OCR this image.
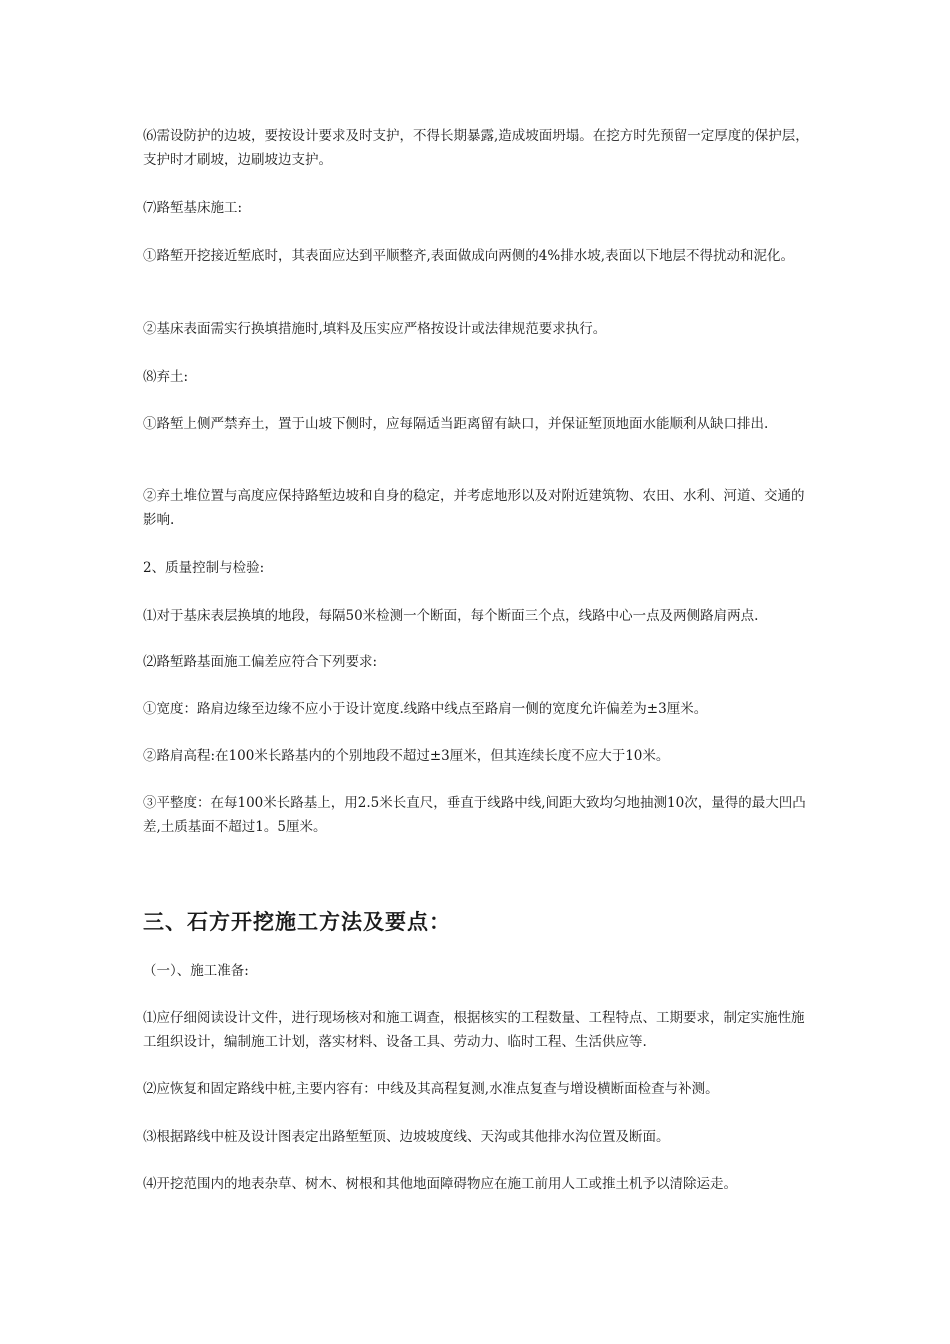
⑹需设防护的边坡，要按设计要求及时支护，不得长期暴露,造成坡面坍塌。在挖方时先预留一定厚度的保护层，支护时才刷坡，边刷坡边支护。

⑺路堑基床施工:

①路堑开挖接近堑底时，其表面应达到平顺整齐,表面做成向两侧的4%排水坡,表面以下地层不得扰动和泥化。

②基床表面需实行换填措施时,填料及压实应严格按设计或法律规范要求执行。

⑻弃土:

①路堑上侧严禁弃土，置于山坡下侧时，应每隔适当距离留有缺口，并保证堑顶地面水能顺利从缺口排出.

②弃土堆位置与高度应保持路堑边坡和自身的稳定，并考虑地形以及对附近建筑物、农田、水利、河道、交通的影响.

2、质量控制与检验:

⑴对于基床表层换填的地段，每隔50米检测一个断面，每个断面三个点，线路中心一点及两侧路肩两点.

⑵路堑路基面施工偏差应符合下列要求:

①宽度：路肩边缘至边缘不应小于设计宽度.线路中线点至路肩一侧的宽度允许偏差为±3厘米。

②路肩高程:在100米长路基内的个别地段不超过±3厘米，但其连续长度不应大于10米。

③平整度：在每100米长路基上，用2.5米长直尺，垂直于线路中线,间距大致均匀地抽测10次，量得的最大凹凸差,土质基面不超过1。5厘米。

三、石方开挖施工方法及要点：

（一）、施工准备:

⑴应仔细阅读设计文件，进行现场核对和施工调查，根据核实的工程数量、工程特点、工期要求，制定实施性施工组织设计，编制施工计划，落实材料、设备工具、劳动力、临时工程、生活供应等.

⑵应恢复和固定路线中桩,主要内容有：中线及其高程复测,水准点复查与增设横断面检查与补测。

⑶根据路线中桩及设计图表定出路堑堑顶、边坡坡度线、天沟或其他排水沟位置及断面。

⑷开挖范围内的地表杂草、树木、树根和其他地面障碍物应在施工前用人工或推土机予以清除运走。
